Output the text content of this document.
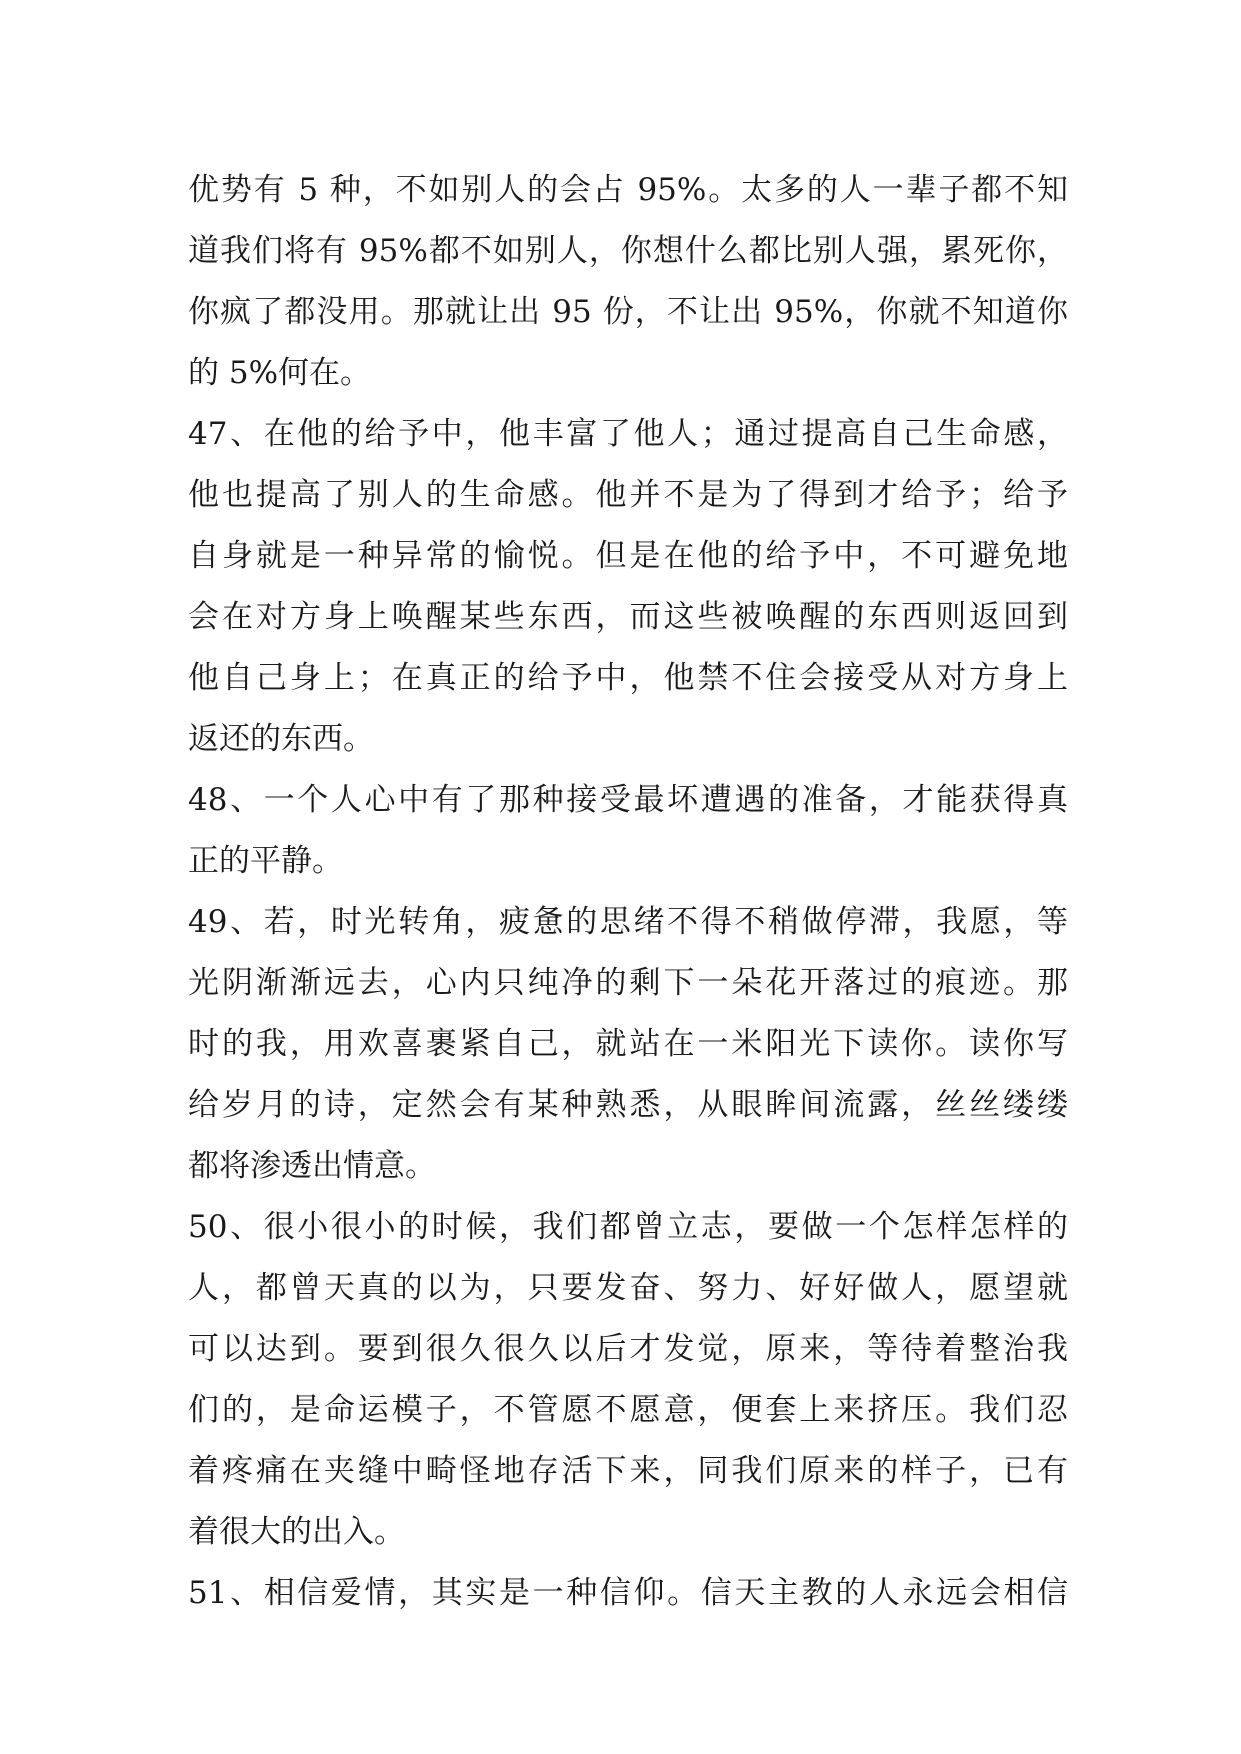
优势有 5 种，不如别人的会占 95%。太多的人一辈子都不知
道我们将有 95%都不如别人，你想什么都比别人强，累死你，
你疯了都没用。那就让出 95 份，不让出 95%，你就不知道你
的 5%何在。
47、在他的给予中，他丰富了他人；通过提高自己生命感，
他也提高了别人的生命感。他并不是为了得到才给予；给予
自身就是一种异常的愉悦。但是在他的给予中，不可避免地
会在对方身上唤醒某些东西，而这些被唤醒的东西则返回到
他自己身上；在真正的给予中，他禁不住会接受从对方身上
返还的东西。
48、一个人心中有了那种接受最坏遭遇的准备，才能获得真
正的平静。
49、若，时光转角，疲惫的思绪不得不稍做停滞，我愿，等
光阴渐渐远去，心内只纯净的剩下一朵花开落过的痕迹。那
时的我，用欢喜裹紧自己，就站在一米阳光下读你。读你写
给岁月的诗，定然会有某种熟悉，从眼眸间流露，丝丝缕缕
都将渗透出情意。
50、很小很小的时候，我们都曾立志，要做一个怎样怎样的
人，都曾天真的以为，只要发奋、努力、好好做人，愿望就
可以达到。要到很久很久以后才发觉，原来，等待着整治我
们的，是命运模子，不管愿不愿意，便套上来挤压。我们忍
着疼痛在夹缝中畸怪地存活下来，同我们原来的样子，已有
着很大的出入。
51、相信爱情，其实是一种信仰。信天主教的人永远会相信
